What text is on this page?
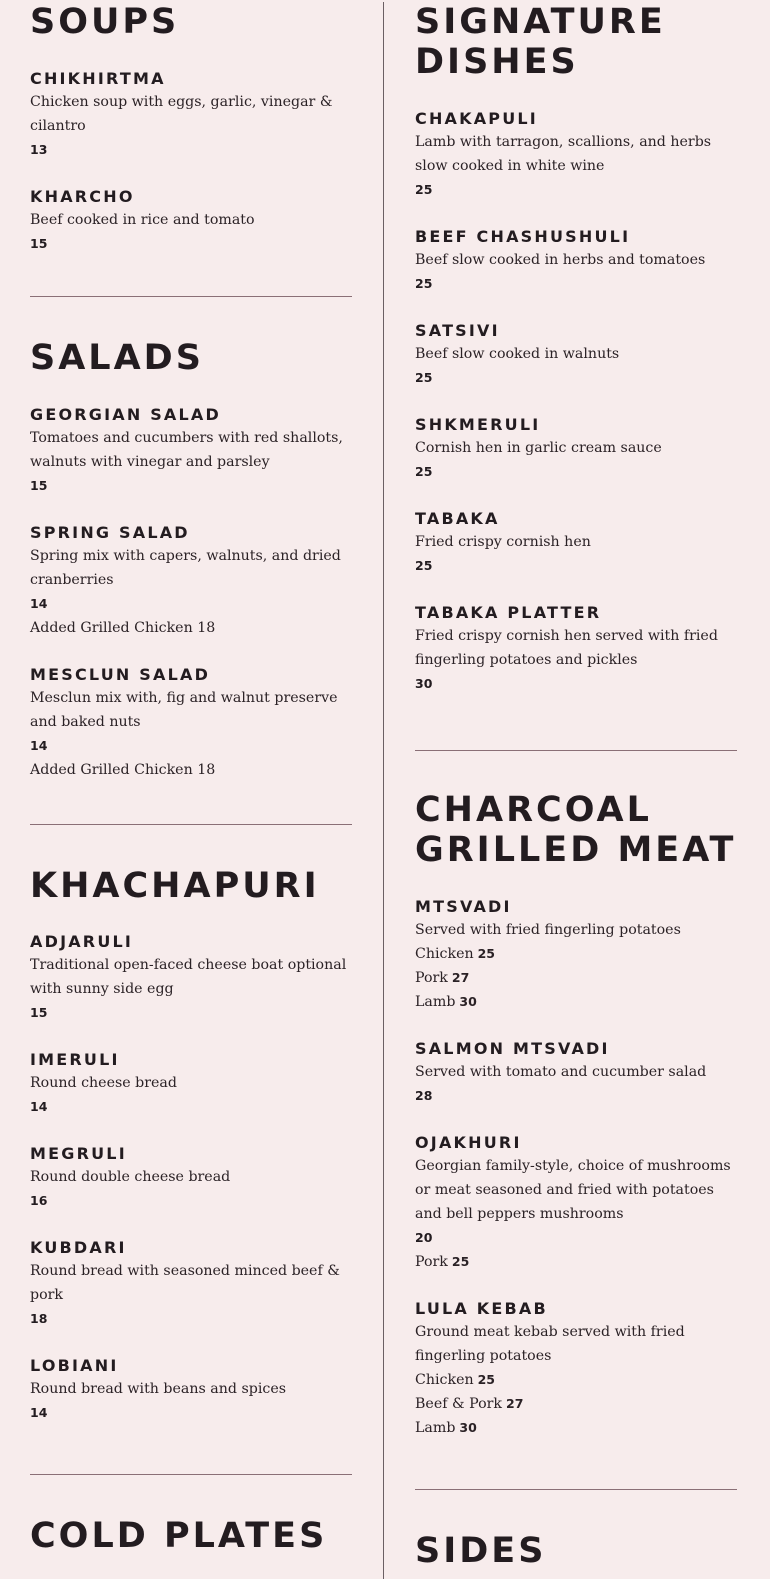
SOUPS

CHIKHIRTMA

Chicken soup with eggs, garlic, vinegar & cilantro

13

KHARCHO

Beef cooked in rice and tomato

15

SALADS

GEORGIAN SALAD

Tomatoes and cucumbers with red shallots, walnuts with vinegar and parsley

15

SPRING SALAD

Spring mix with capers, walnuts, and dried cranberries

14

Added Grilled Chicken 18

MESCLUN SALAD

Mesclun mix with, fig and walnut preserve and baked nuts

14

Added Grilled Chicken 18

KHACHAPURI

ADJARULI

Traditional open-faced cheese boat optional with sunny side egg

15

IMERULI

Round cheese bread

14

MEGRULI

Round double cheese bread

16

KUBDARI

Round bread with seasoned minced beef & pork

18

LOBIANI

Round bread with beans and spices

14

COLD PLATES
SIGNATURE
DISHES

CHAKAPULI

Lamb with tarragon, scallions, and herbs slow cooked in white wine

25

BEEF CHASHUSHULI

Beef slow cooked in herbs and tomatoes

25

SATSIVI

Beef slow cooked in walnuts

25

SHKMERULI

Cornish hen in garlic cream sauce

25

TABAKA

Fried crispy cornish hen

25

TABAKA PLATTER

Fried crispy cornish hen served with fried fingerling potatoes and pickles

30

CHARCOAL
GRILLED MEAT

MTSVADI

Served with fried fingerling potatoes

Chicken 25

Pork 27

Lamb 30

SALMON MTSVADI

Served with tomato and cucumber salad

28

OJAKHURI

Georgian family-style, choice of mushrooms or meat seasoned and fried with potatoes and bell peppers mushrooms

20

Pork 25

LULA KEBAB

Ground meat kebab served with fried fingerling potatoes

Chicken 25

Beef & Pork 27

Lamb 30

SIDES
